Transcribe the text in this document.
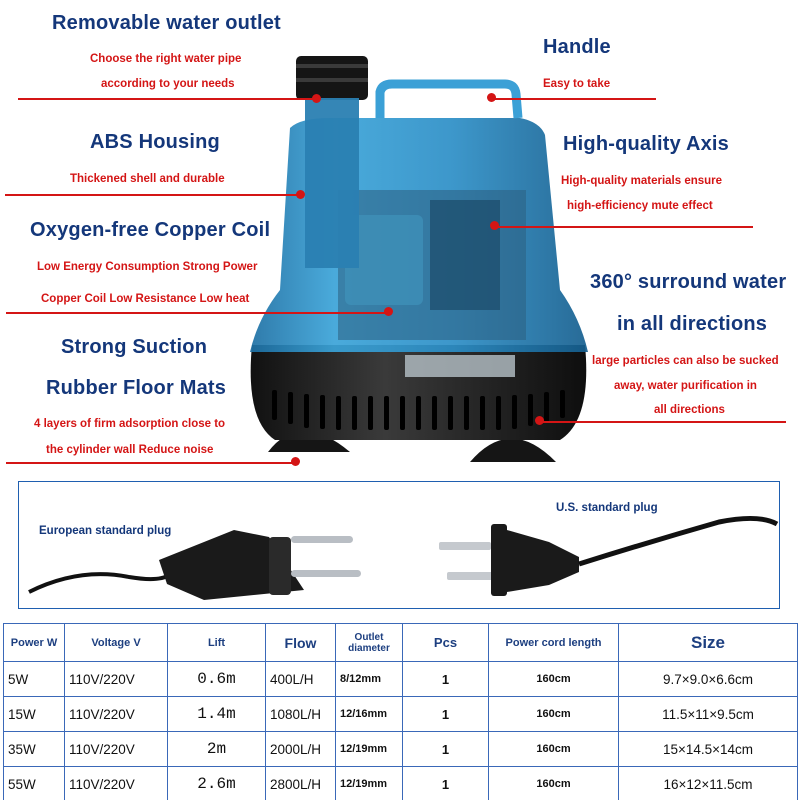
Removable water outlet
Choose the right water pipe
according to your needs
ABS Housing
Thickened shell and durable
Oxygen-free Copper Coil
Low Energy Consumption Strong Power
Copper Coil Low Resistance Low heat
Strong Suction
Rubber Floor Mats
4 layers of firm adsorption close to
the cylinder wall Reduce noise
Handle
Easy to take
High-quality Axis
High-quality materials ensure
high-efficiency mute effect
360° surround water
in all directions
large particles can also be sucked
away, water purification in
all directions
European standard plug
U.S. standard plug
Power W	Voltage V	Lift	Flow	Outlet diameter	Pcs	Power cord length	Size
5W	110V/220V	0.6m	400L/H	8/12mm	1	160cm	9.7×9.0×6.6cm
15W	110V/220V	1.4m	1080L/H	12/16mm	1	160cm	11.5×11×9.5cm
35W	110V/220V	2m	2000L/H	12/19mm	1	160cm	15×14.5×14cm
55W	110V/220V	2.6m	2800L/H	12/19mm	1	160cm	16×12×11.5cm
